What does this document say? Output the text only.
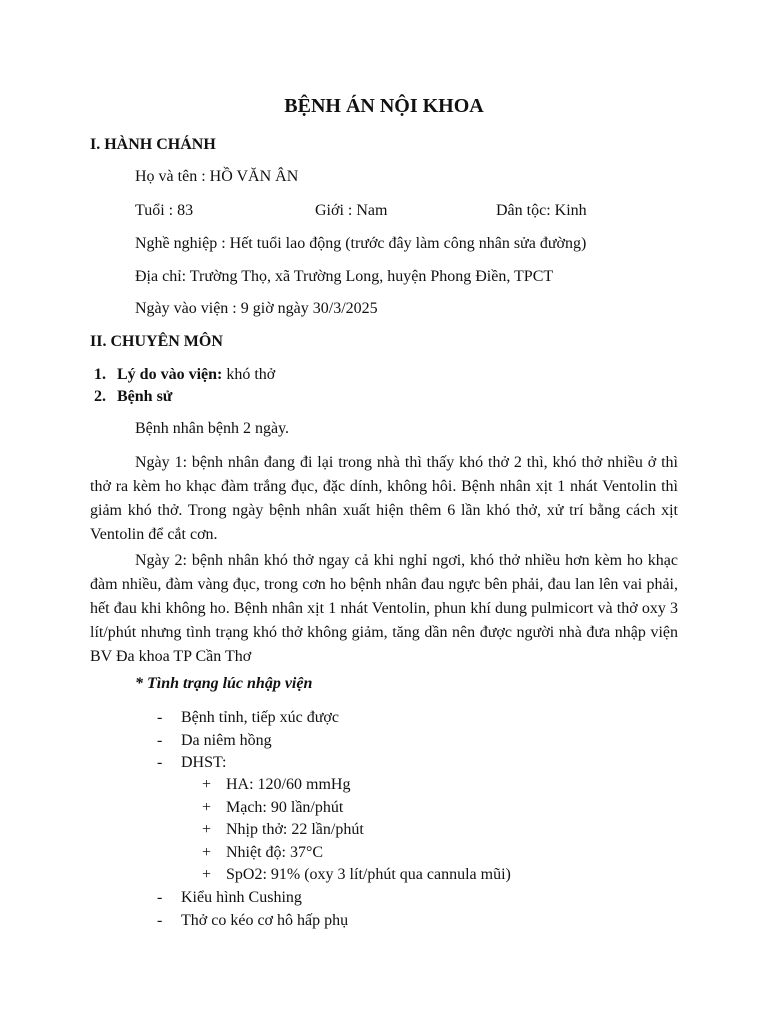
BỆNH ÁN NỘI KHOA
I. HÀNH CHÁNH
Họ và tên : HỒ VĂN ÂN
Tuổi : 83	Giới : Nam	Dân tộc: Kinh
Nghề nghiệp : Hết tuổi lao động (trước đây làm công nhân sửa đường)
Địa chỉ: Trường Thọ, xã Trường Long, huyện Phong Điền, TPCT
Ngày vào viện : 9 giờ ngày 30/3/2025
II. CHUYÊN MÔN
1. Lý do vào viện: khó thở
2. Bệnh sử
Bệnh nhân bệnh 2 ngày.
Ngày 1: bệnh nhân đang đi lại trong nhà thì thấy khó thở 2 thì, khó thở nhiều ở thì thở ra kèm ho khạc đàm trắng đục, đặc dính, không hôi. Bệnh nhân xịt 1 nhát Ventolin thì giảm khó thở. Trong ngày bệnh nhân xuất hiện thêm 6 lần khó thở, xử trí bằng cách xịt Ventolin để cắt cơn.
Ngày 2: bệnh nhân khó thở ngay cả khi nghỉ ngơi, khó thở nhiều hơn kèm ho khạc đàm nhiều, đàm vàng đục, trong cơn ho bệnh nhân đau ngực bên phải, đau lan lên vai phải, hết đau khi không ho. Bệnh nhân xịt 1 nhát Ventolin, phun khí dung pulmicort và thở oxy 3 lít/phút nhưng tình trạng khó thở không giảm, tăng dần nên được người nhà đưa nhập viện BV Đa khoa TP Cần Thơ
* Tình trạng lúc nhập viện
- Bệnh tỉnh, tiếp xúc được
- Da niêm hồng
- DHST:
+ HA: 120/60 mmHg
+ Mạch: 90 lần/phút
+ Nhịp thở: 22 lần/phút
+ Nhiệt độ: 37°C
+ SpO2: 91% (oxy 3 lít/phút qua cannula mũi)
- Kiểu hình Cushing
- Thở co kéo cơ hô hấp phụ
